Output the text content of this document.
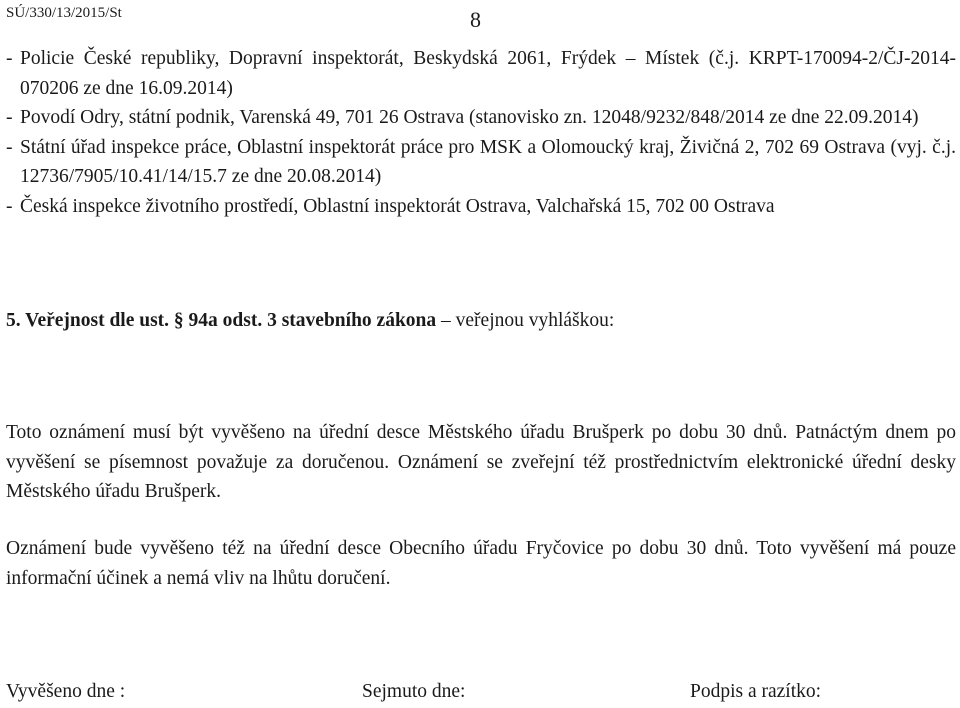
SÚ/330/13/2015/St	8
- Policie České republiky, Dopravní inspektorát, Beskydská 2061, Frýdek – Místek (č.j. KRPT-170094-2/ČJ-2014-070206 ze dne 16.09.2014)
- Povodí Odry, státní podnik, Varenská 49, 701 26 Ostrava (stanovisko zn. 12048/9232/848/2014 ze dne 22.09.2014)
- Státní úřad inspekce práce, Oblastní inspektorát práce pro MSK a Olomoucký kraj, Živičná 2, 702 69 Ostrava (vyj. č.j. 12736/7905/10.41/14/15.7 ze dne 20.08.2014)
- Česká inspekce životního prostředí, Oblastní inspektorát Ostrava, Valchařská 15, 702 00 Ostrava
5. Veřejnost dle ust. § 94a odst. 3 stavebního zákona – veřejnou vyhláškou:
Toto oznámení musí být vyvěšeno na úřední desce Městského úřadu Brušperk po dobu 30 dnů. Patnáctým dnem po vyvěšení se písemnost považuje za doručenou. Oznámení se zveřejní též prostřednictvím elektronické úřední desky Městského úřadu Brušperk.
Oznámení bude vyvěšeno též na úřední desce Obecního úřadu Fryčovice po dobu 30 dnů. Toto vyvěšení má pouze informační účinek a nemá vliv na lhůtu doručení.
Vyvěšeno dne :	Sejmuto dne:	Podpis a razítko:
